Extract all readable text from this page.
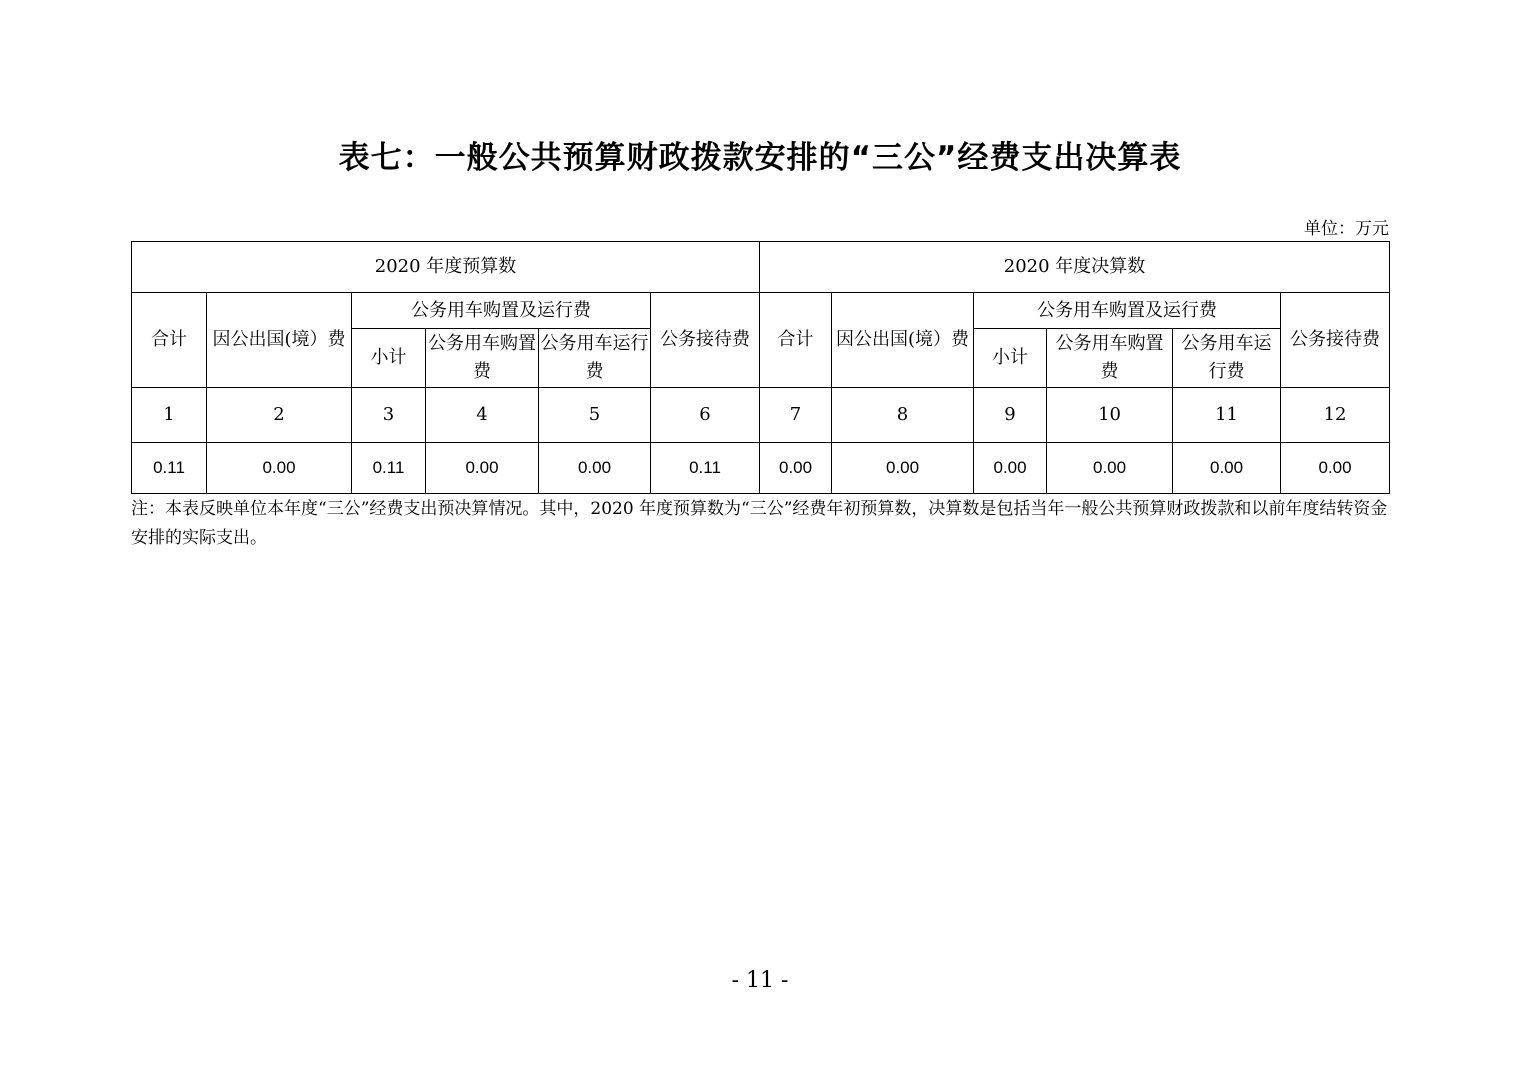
表七：一般公共预算财政拨款安排的“三公”经费支出决算表
单位：万元
2020 年度预算数						2020 年度决算数					
合计	因公出国(境）费	公务用车购置及运行费			公务接待费	合计	因公出国(境）费	公务用车购置及运行费			公务接待费
		小计	公务用车购置费	公务用车运行费				小计	公务用车购置费	公务用车运行费	
1	2	3	4	5	6	7	8	9	10	11	12
0.11	0.00	0.11	0.00	0.00	0.11	0.00	0.00	0.00	0.00	0.00	0.00

注：本表反映单位本年度“三公”经费支出预决算情况。其中，2020 年度预算数为“三公”经费年初预算数，决算数是包括当年一般公共预算财政拨款和以前年度结转资金安排的实际支出。

- 11 -
